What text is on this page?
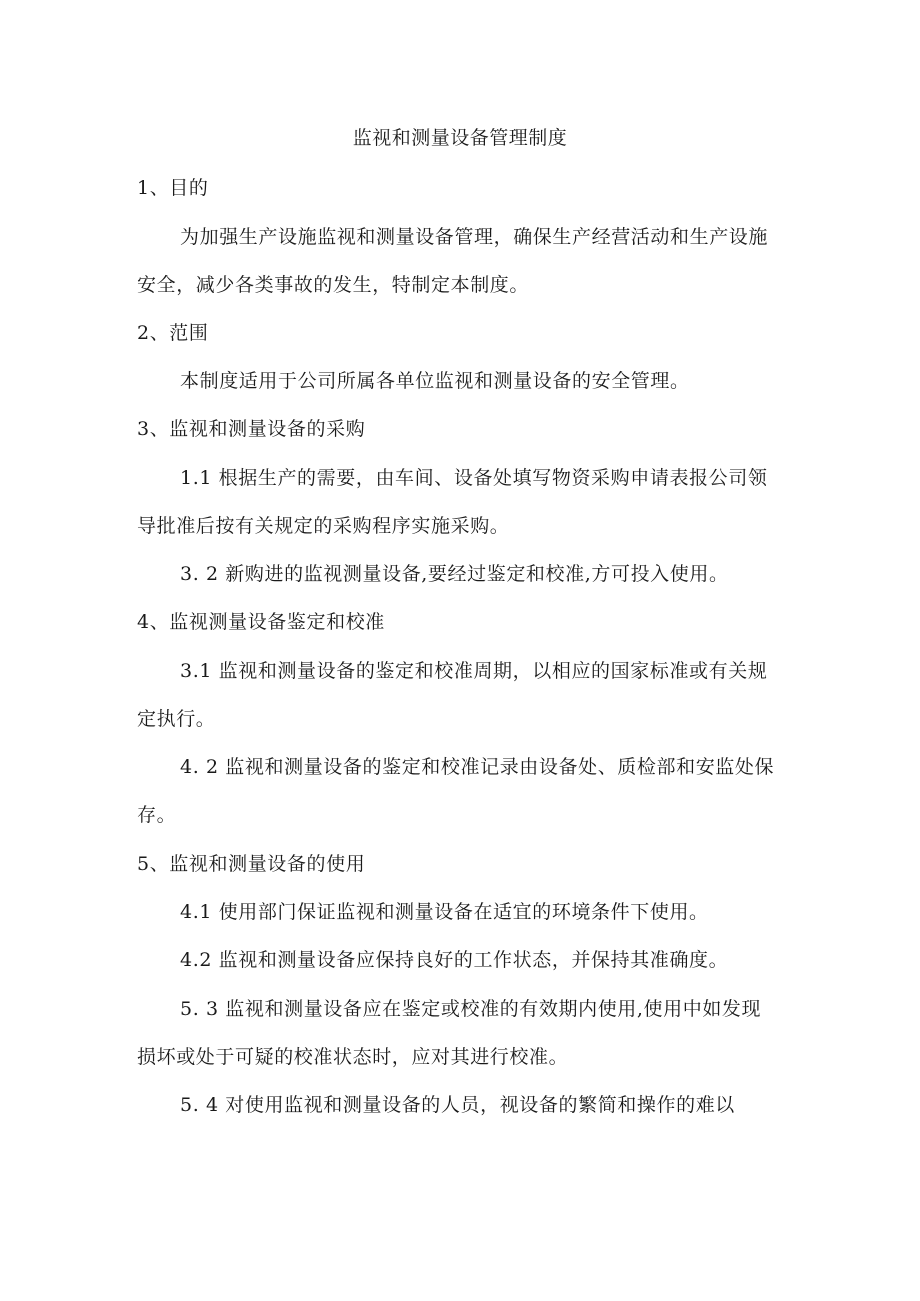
监视和测量设备管理制度

1、目的

为加强生产设施监视和测量设备管理，确保生产经营活动和生产设施

安全，减少各类事故的发生，特制定本制度。

2、范围

本制度适用于公司所属各单位监视和测量设备的安全管理。

3、监视和测量设备的采购

1.1 根据生产的需要，由车间、设备处填写物资采购申请表报公司领

导批准后按有关规定的采购程序实施采购。

3. 2 新购进的监视测量设备,要经过鉴定和校准,方可投入使用。

4、监视测量设备鉴定和校准

3.1 监视和测量设备的鉴定和校准周期，以相应的国家标准或有关规

定执行。

4. 2 监视和测量设备的鉴定和校准记录由设备处、质检部和安监处保

存。

5、监视和测量设备的使用

4.1 使用部门保证监视和测量设备在适宜的环境条件下使用。

4.2 监视和测量设备应保持良好的工作状态，并保持其准确度。

5. 3 监视和测量设备应在鉴定或校准的有效期内使用,使用中如发现

损坏或处于可疑的校准状态时，应对其进行校准。

5. 4 对使用监视和测量设备的人员，视设备的繁简和操作的难以
